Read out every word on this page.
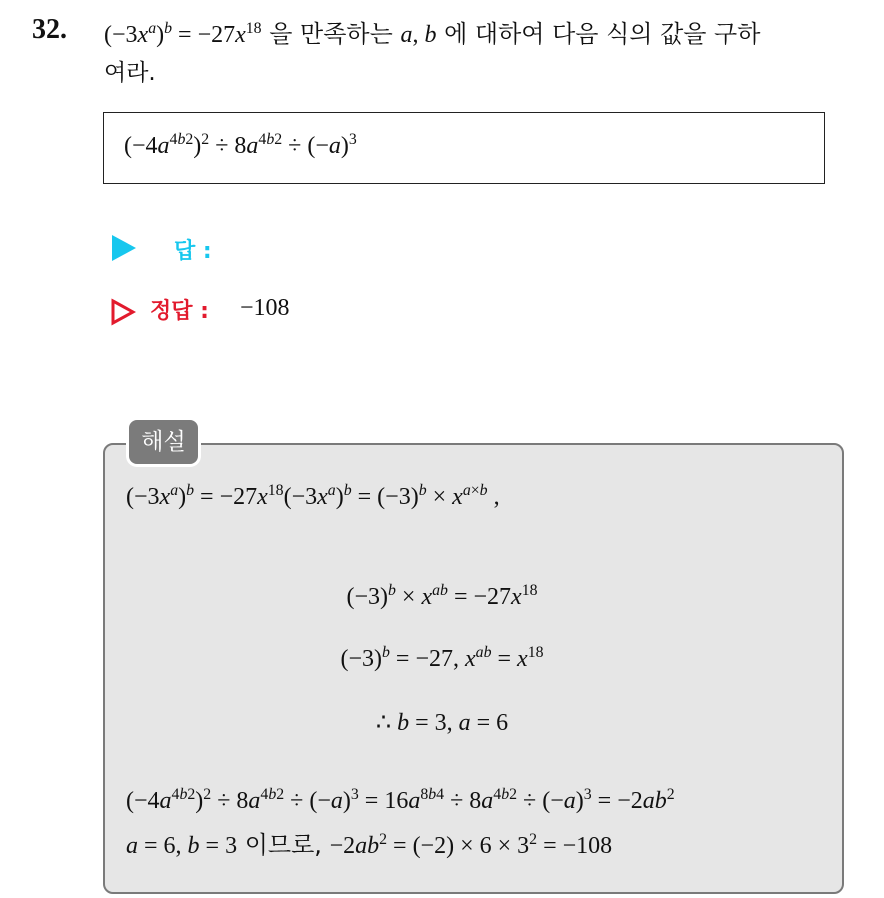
32. $(-3x^a)^b = -27x^{18}$ 을 만족하는 a, b 에 대하여 다음 식의 값을 구하
여라.
$(-4a^{4b2})^2 \div 8a^{4b2} \div (-a)^3$
답 :
정답 : −108
해설
$(-3x^a)^b = -27x^{18}(-3x^a)^b = (-3)^b \times x^{a\times b}$ ,
$(-3)^b \times x^{ab} = -27x^{18}$
$(-3)^b = -27$, $x^{ab} = x^{18}$
∴ b = 3, a = 6
$(-4a^{4b2})^2 \div 8a^{4b2} \div (-a)^3 = 16a^{8b4} \div 8a^{4b2} \div (-a)^3 = -2ab^2$
a = 6, b = 3 이므로, $-2ab^2 = (-2) \times 6 \times 3^2 = -108$
